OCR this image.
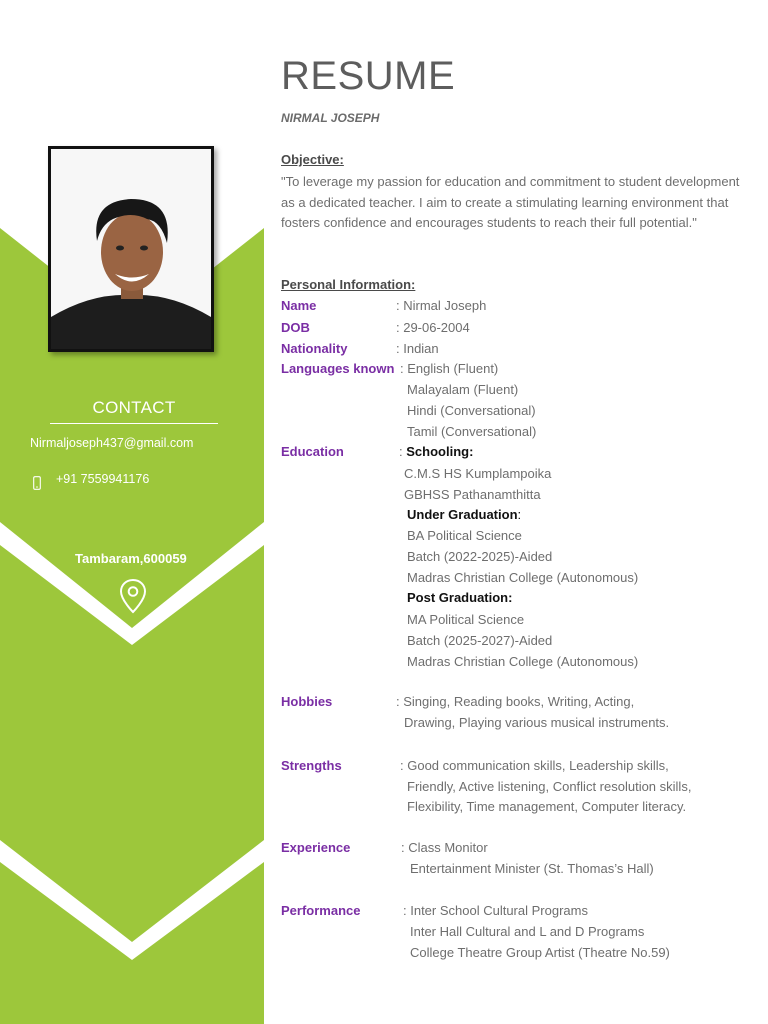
CONTACT
Nirmaljoseph437@gmail.com
+91 7559941176
Tambaram,600059
RESUME
NIRMAL JOSEPH
Objective:
"To leverage my passion for education and commitment to student development as a dedicated teacher. I aim to create a stimulating learning environment that fosters confidence and encourages students to reach their full potential."
Personal Information:
Name	: Nirmal Joseph
DOB	: 29-06-2004
Nationality	: Indian
Languages known : English (Fluent)
Malayalam (Fluent)
Hindi (Conversational)
Tamil (Conversational)
Education	: Schooling:
C.M.S HS Kumplampoika
GBHSS Pathanamthitta
Under Graduation:
BA Political Science
Batch (2022-2025)-Aided
Madras Christian College (Autonomous)
Post Graduation:
MA Political Science
Batch (2025-2027)-Aided
Madras Christian College (Autonomous)
Hobbies	: Singing, Reading books, Writing, Acting,
Drawing, Playing various musical instruments.
Strengths	: Good communication skills, Leadership skills,
Friendly, Active listening, Conflict resolution skills,
Flexibility, Time management, Computer literacy.
Experience	: Class Monitor
Entertainment Minister (St. Thomas’s Hall)
Performance	: Inter School Cultural Programs
Inter Hall Cultural and L and D Programs
College Theatre Group Artist (Theatre No.59)
